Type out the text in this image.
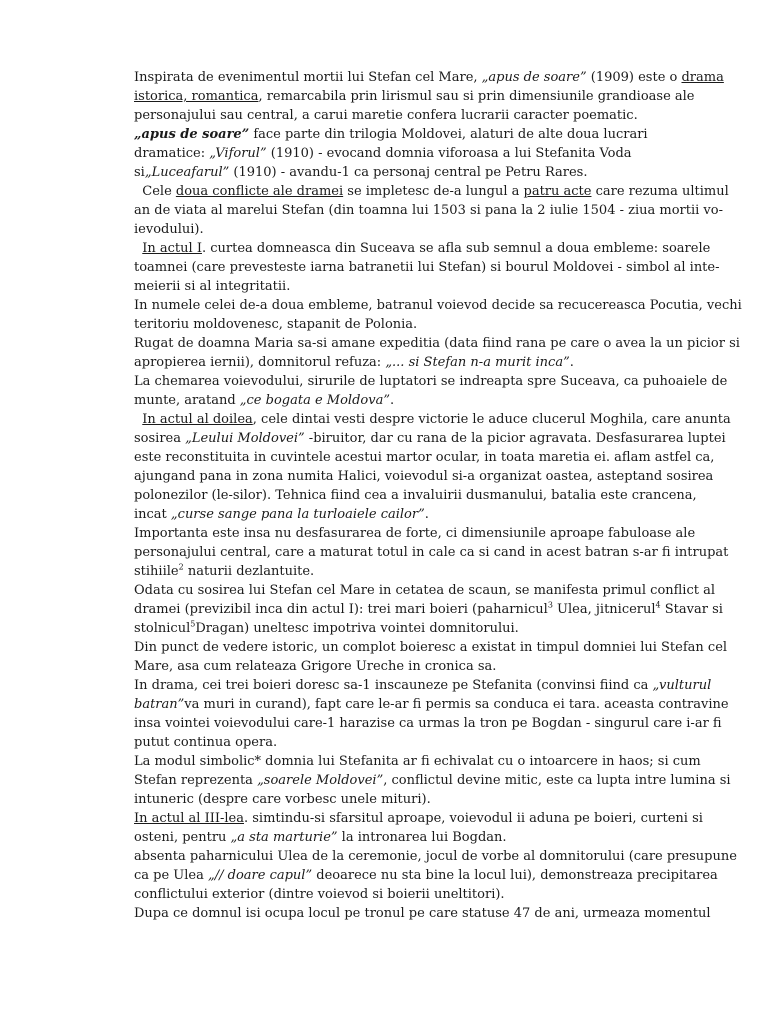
Inspirata de evenimentul mortii lui Stefan cel Mare, „apus de soare” (1909) este o drama
istorica, romantica, remarcabila prin lirismul sau si prin dimensiunile grandioase ale
personajului sau central, a carui maretie confera lucrarii caracter poematic.
„apus de soare” face parte din trilogia Moldovei, alaturi de alte doua lucrari
dramatice: „Viforul” (1910) - evocand domnia viforoasa a lui Stefanita Voda
si„Luceafarul” (1910) - avandu-1 ca personaj central pe Petru Rares.
Cele doua conflicte ale dramei se impletesc de-a lungul a patru acte care rezuma ultimul
an de viata al marelui Stefan (din toamna lui 1503 si pana la 2 iulie 1504 - ziua mortii vo-
ievodului).
In actul I. curtea domneasca din Suceava se afla sub semnul a doua embleme: soarele
toamnei (care prevesteste iarna batranetii lui Stefan) si bourul Moldovei - simbol al inte-
meierii si al integritatii.
In numele celei de-a doua embleme, batranul voievod decide sa recucereasca Pocutia, vechi
teritoriu moldovenesc, stapanit de Polonia.
Rugat de doamna Maria sa-si amane expeditia (data fiind rana pe care o avea la un picior si
apropierea iernii), domnitorul refuza: „... si Stefan n-a murit inca”.
La chemarea voievodului, sirurile de luptatori se indreapta spre Suceava, ca puhoaiele de
munte, aratand „ce bogata e Moldova”.
In actul al doilea, cele dintai vesti despre victorie le aduce clucerul Moghila, care anunta
sosirea „Leului Moldovei” -biruitor, dar cu rana de la picior agravata. Desfasurarea luptei
este reconstituita in cuvintele acestui martor ocular, in toata maretia ei. aflam astfel ca,
ajungand pana in zona numita Halici, voievodul si-a organizat oastea, asteptand sosirea
polonezilor (le-silor). Tehnica fiind cea a invaluirii dusmanului, batalia este crancena,
incat „curse sange pana la turloaiele cailor”.
Importanta este insa nu desfasurarea de forte, ci dimensiunile aproape fabuloase ale
personajului central, care a maturat totul in cale ca si cand in acest batran s-ar fi intrupat
stihiile$^2$ naturii dezlantuite.
Odata cu sosirea lui Stefan cel Mare in cetatea de scaun, se manifesta primul conflict al
dramei (previzibil inca din actul I): trei mari boieri (paharnicul$^3$ Ulea, jitnicerul$^4$ Stavar si
stolnicul$^5$Dragan) uneltesc impotriva vointei domnitorului.
Din punct de vedere istoric, un complot boieresc a existat in timpul domniei lui Stefan cel
Mare, asa cum relateaza Grigore Ureche in cronica sa.
In drama, cei trei boieri doresc sa-1 inscauneze pe Stefanita (convinsi fiind ca „vulturul
batran”va muri in curand), fapt care le-ar fi permis sa conduca ei tara. aceasta contravine
insa vointei voievodului care-1 harazise ca urmas la tron pe Bogdan - singurul care i-ar fi
putut continua opera.
La modul simbolic* domnia lui Stefanita ar fi echivalat cu o intoarcere in haos; si cum
Stefan reprezenta „soarele Moldovei”, conflictul devine mitic, este ca lupta intre lumina si
intuneric (despre care vorbesc unele mituri).
In actul al III-lea. simtindu-si sfarsitul aproape, voievodul ii aduna pe boieri, curteni si
osteni, pentru „a sta marturie” la intronarea lui Bogdan.
absenta paharnicului Ulea de la ceremonie, jocul de vorbe al domnitorului (care presupune
ca pe Ulea „// doare capul” deoarece nu sta bine la locul lui), demonstreaza precipitarea
conflictului exterior (dintre voievod si boierii uneltitori).
Dupa ce domnul isi ocupa locul pe tronul pe care statuse 47 de ani, urmeaza momentul
